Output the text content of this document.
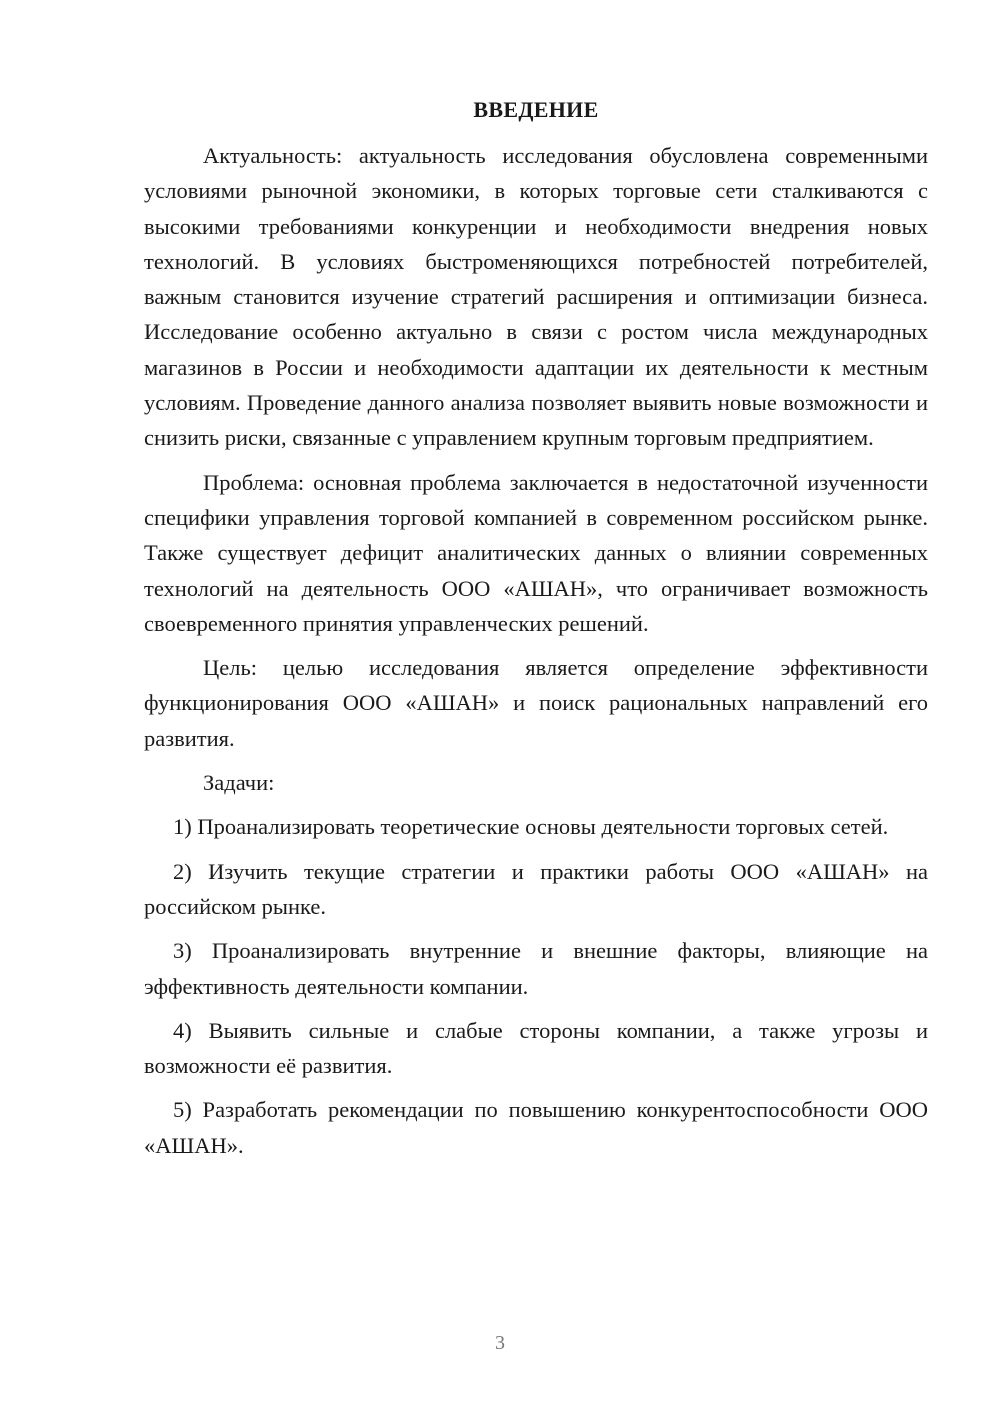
ВВЕДЕНИЕ

Актуальность: актуальность исследования обусловлена современными условиями рыночной экономики, в которых торговые сети сталкиваются с высокими требованиями конкуренции и необходимости внедрения новых технологий. В условиях быстроменяющихся потребностей потребителей, важным становится изучение стратегий расширения и оптимизации бизнеса. Исследование особенно актуально в связи с ростом числа международных магазинов в России и необходимости адаптации их деятельности к местным условиям. Проведение данного анализа позволяет выявить новые возможности и снизить риски, связанные с управлением крупным торговым предприятием.

Проблема: основная проблема заключается в недостаточной изученности специфики управления торговой компанией в современном российском рынке. Также существует дефицит аналитических данных о влиянии современных технологий на деятельность ООО «АШАН», что ограничивает возможность своевременного принятия управленческих решений.

Цель: целью исследования является определение эффективности функционирования ООО «АШАН» и поиск рациональных направлений его развития.

Задачи:

1) Проанализировать теоретические основы деятельности торговых сетей.

2) Изучить текущие стратегии и практики работы ООО «АШАН» на российском рынке.

3) Проанализировать внутренние и внешние факторы, влияющие на эффективность деятельности компании.

4) Выявить сильные и слабые стороны компании, а также угрозы и возможности её развития.

5) Разработать рекомендации по повышению конкурентоспособности ООО «АШАН».

3
